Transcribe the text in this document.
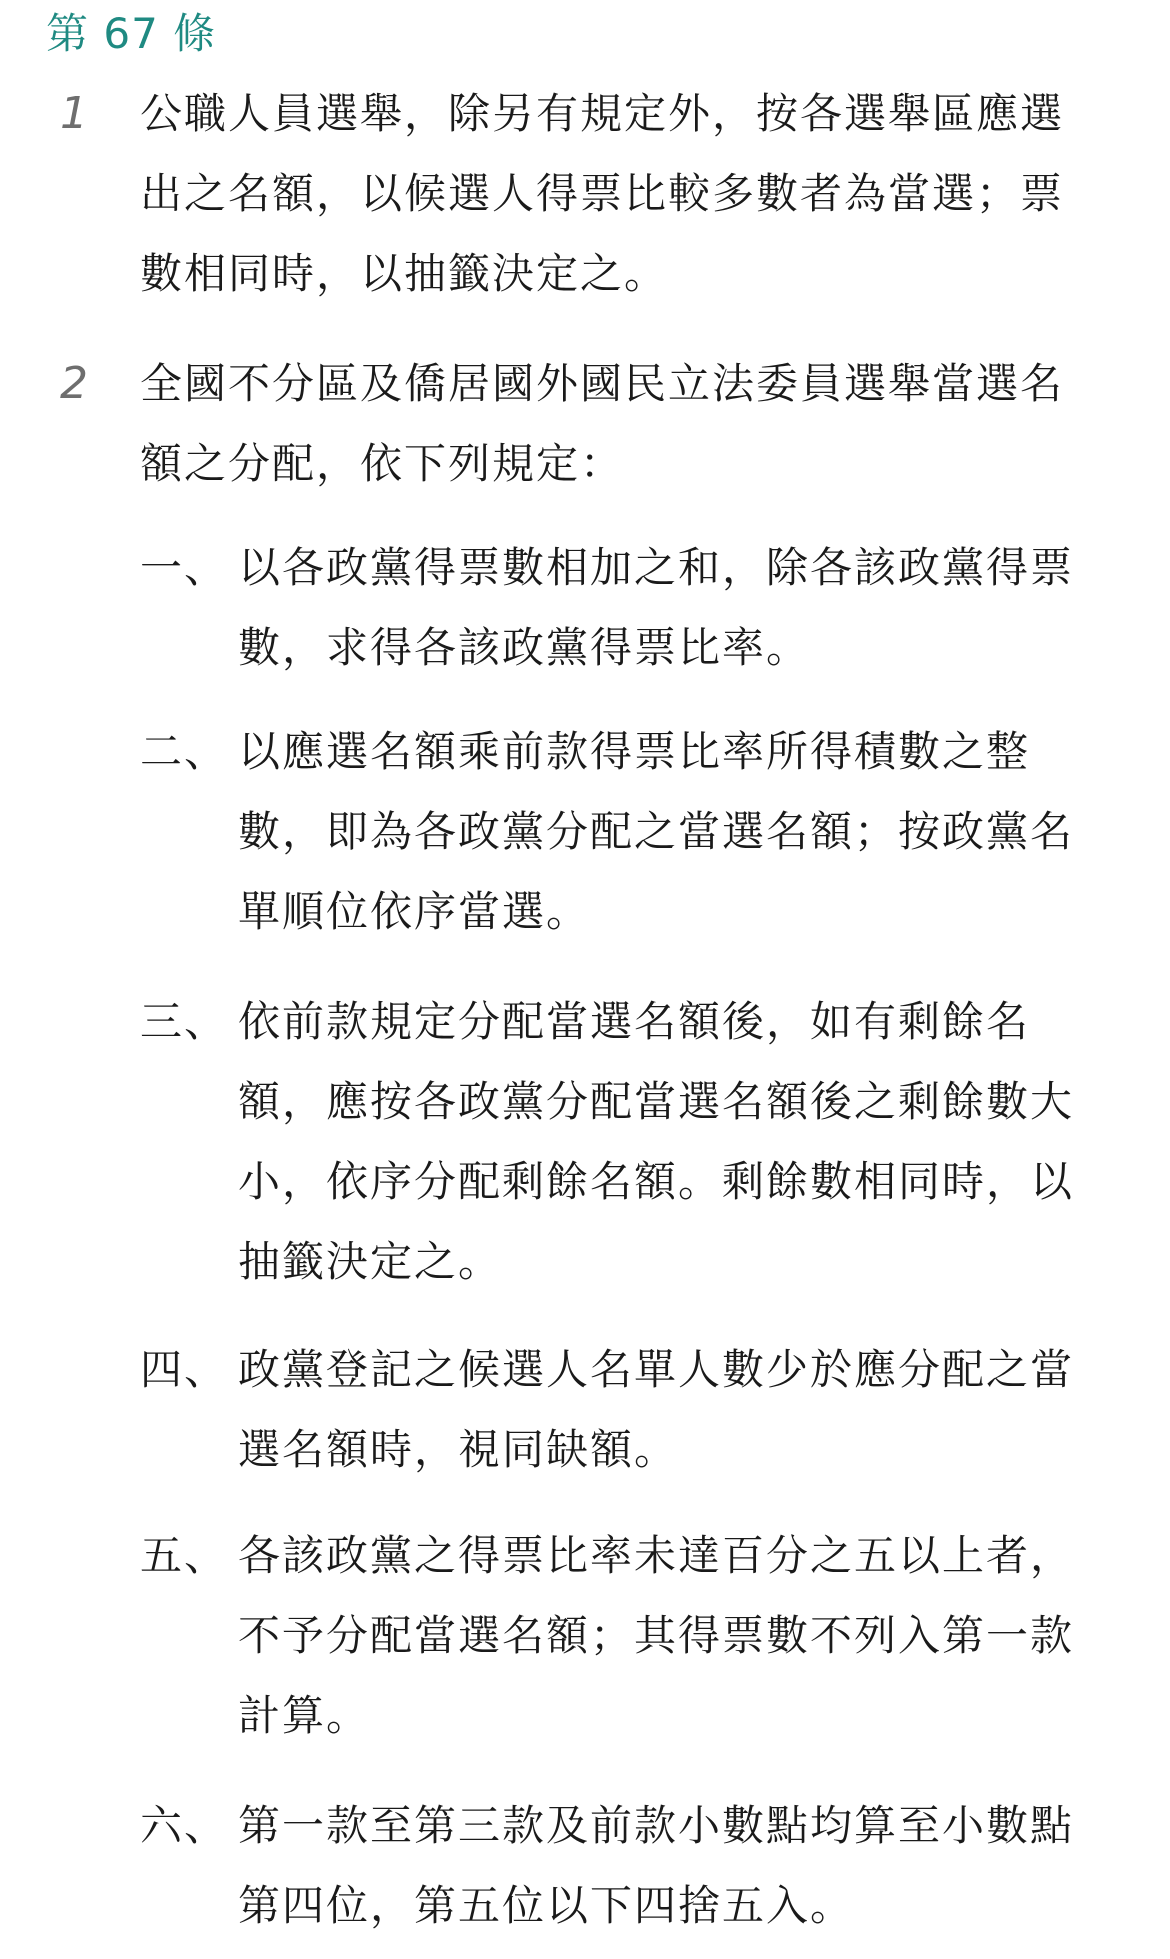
第 67 條
1 公職人員選舉，除另有規定外，按各選舉區應選出之名額，以候選人得票比較多數者為當選；票數相同時，以抽籤決定之。
2 全國不分區及僑居國外國民立法委員選舉當選名額之分配，依下列規定：
一、 以各政黨得票數相加之和，除各該政黨得票數，求得各該政黨得票比率。
二、 以應選名額乘前款得票比率所得積數之整數，即為各政黨分配之當選名額；按政黨名單順位依序當選。
三、 依前款規定分配當選名額後，如有剩餘名額，應按各政黨分配當選名額後之剩餘數大小，依序分配剩餘名額。剩餘數相同時，以抽籤決定之。
四、 政黨登記之候選人名單人數少於應分配之當選名額時，視同缺額。
五、 各該政黨之得票比率未達百分之五以上者，不予分配當選名額；其得票數不列入第一款計算。
六、 第一款至第三款及前款小數點均算至小數點第四位，第五位以下四捨五入。
